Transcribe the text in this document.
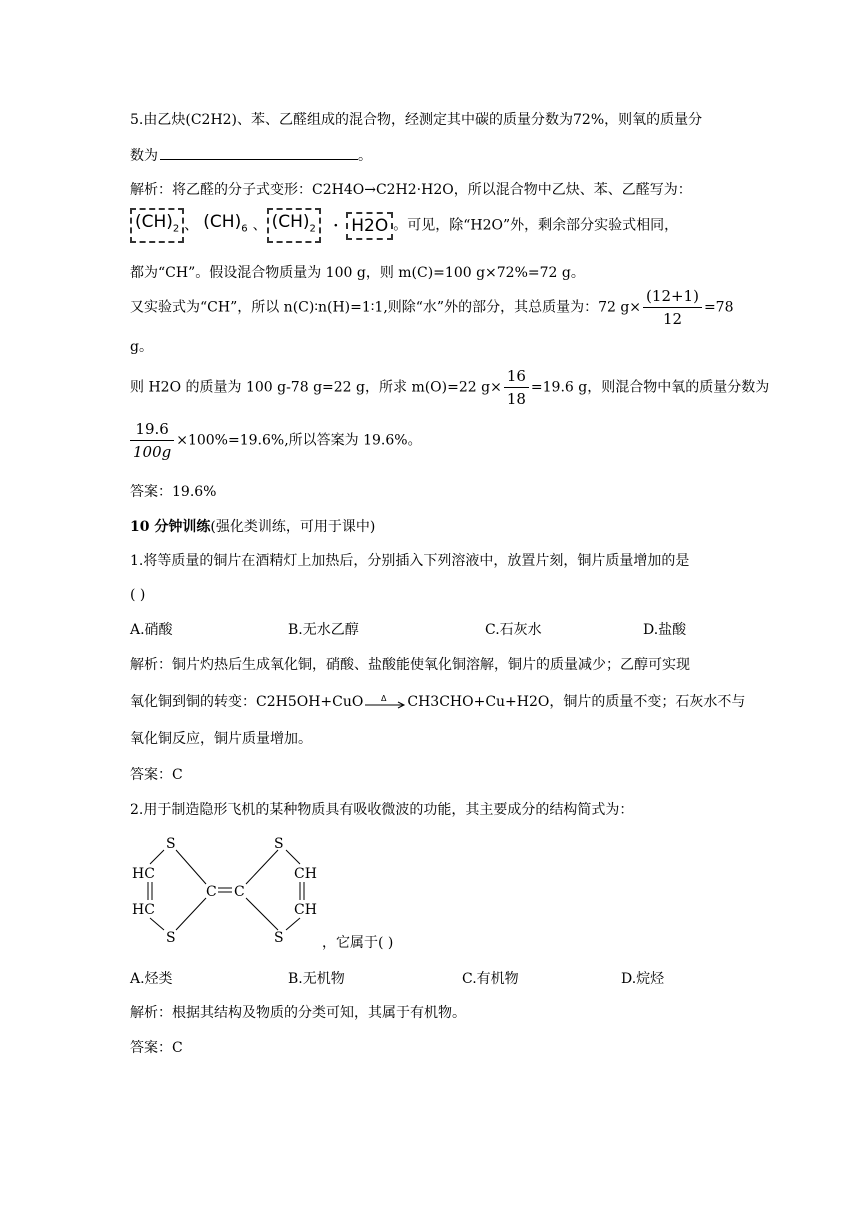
5.由乙炔(C2H2)、苯、乙醛组成的混合物，经测定其中碳的质量分数为72%，则氧的质量分
数为	。
解析：将乙醛的分子式变形：C2H4O→C2H2·H2O，所以混合物中乙炔、苯、乙醛写为：
$(CH)_2$ 、 $(CH)_6$ 、 $(CH)_2 \cdot H2O$ 。可见，除“H2O”外，剩余部分实验式相同，
都为“CH”。假设混合物质量为 100 g，则 m(C)=100 g×72%=72 g。
又实验式为“CH”，所以 n(C)∶n(H)=1∶1,则除“水”外的部分，其总质量为：72 $g\times \frac{(12+1)}{12} =78$
g。
则 H2O 的质量为 100 g-78 g=22 g，所求 m(O)=22 $g\times \frac{16}{18} =19.6$ g，则混合物中氧的质量分数为
$\frac{19.6}{100g} \times 100\%=19.6\%$,所以答案为 19.6%。
答案：19.6%
10 分钟训练(强化类训练，可用于课中)
1.将等质量的铜片在酒精灯上加热后，分别插入下列溶液中，放置片刻，铜片质量增加的是
( )
A.硝酸	B.无水乙醇	C.石灰水	D.盐酸
解析：铜片灼热后生成氧化铜，硝酸、盐酸能使氧化铜溶解，铜片的质量减少；乙醇可实现
氧化铜到铜的转变：C2H5OH+CuO Δ CH3CHO+Cu+H2O，铜片的质量不变；石灰水不与
氧化铜反应，铜片质量增加。
答案：C
2.用于制造隐形飞机的某种物质具有吸收微波的功能，其主要成分的结构简式为：
S	S
HC
HC
CH
CH
C C
S	S	，它属于( )
A.烃类	B.无机物	C.有机物	D.烷烃
解析：根据其结构及物质的分类可知，其属于有机物。
答案：C
